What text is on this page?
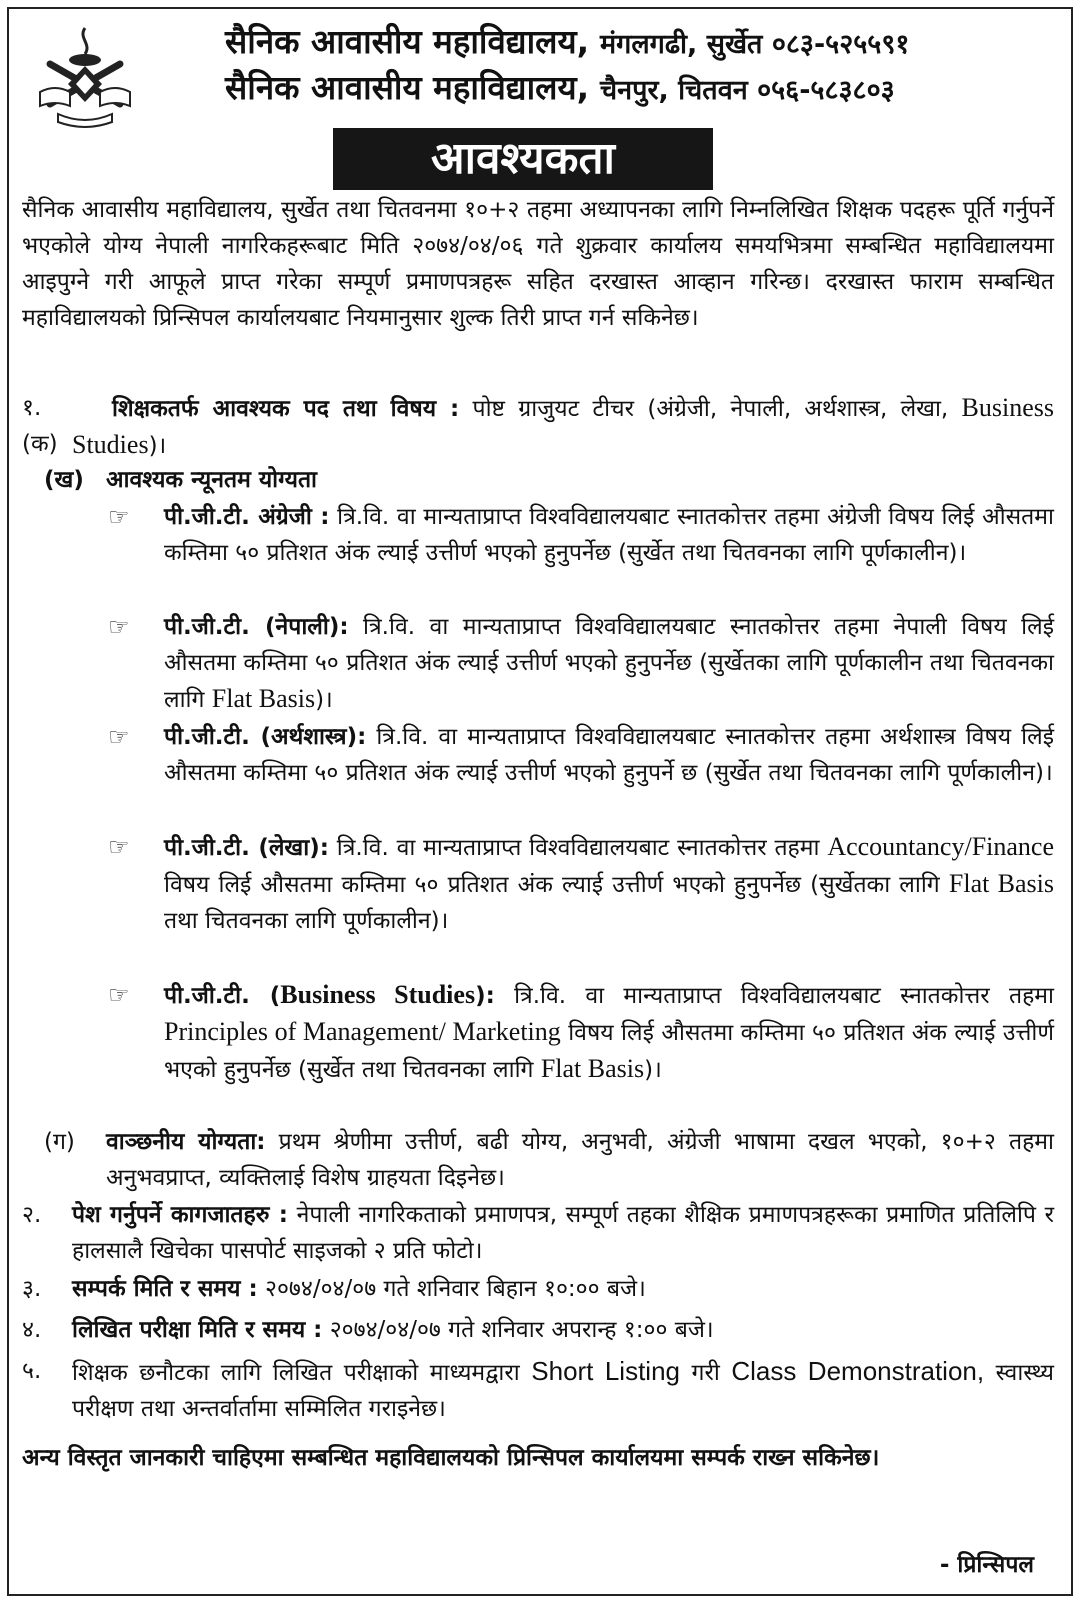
सैनिक आवासीय महाविद्यालय, मंगलगढी, सुर्खेत ०८३-५२५५९१
सैनिक आवासीय महाविद्यालय, चैनपुर, चितवन ०५६-५८३८०३
आवश्यकता
सैनिक आवासीय महाविद्यालय, सुर्खेत तथा चितवनमा १०+२ तहमा अध्यापनका लागि निम्नलिखित शिक्षक पदहरू पूर्ति गर्नुपर्ने भएकोले योग्य नेपाली नागरिकहरूबाट मिति २०७४/०४/०६ गते शुक्रवार कार्यालय समयभित्रमा सम्बन्धित महाविद्यालयमा आइपुग्ने गरी आफूले प्राप्त गरेका सम्पूर्ण प्रमाणपत्रहरू सहित दरखास्त आव्हान गरिन्छ। दरखास्त फाराम सम्बन्धित महाविद्यालयको प्रिन्सिपल कार्यालयबाट नियमानुसार शुल्क तिरी प्राप्त गर्न सकिनेछ।
१. (क)
शिक्षकतर्फ आवश्यक पद तथा विषय : पोष्ट ग्राजुयट टीचर (अंग्रेजी, नेपाली, अर्थशास्त्र, लेखा, Business Studies)।
(ख) आवश्यक न्यूनतम योग्यता
☞	पी.जी.टी. अंग्रेजी : त्रि.वि. वा मान्यताप्राप्त विश्वविद्यालयबाट स्नातकोत्तर तहमा अंग्रेजी विषय लिई औसतमा कम्तिमा ५० प्रतिशत अंक ल्याई उत्तीर्ण भएको हुनुपर्नेछ (सुर्खेत तथा चितवनका लागि पूर्णकालीन)।
☞	पी.जी.टी. (नेपाली): त्रि.वि. वा मान्यताप्राप्त विश्वविद्यालयबाट स्नातकोत्तर तहमा नेपाली विषय लिई औसतमा कम्तिमा ५० प्रतिशत अंक ल्याई उत्तीर्ण भएको हुनुपर्नेछ (सुर्खेतका लागि पूर्णकालीन तथा चितवनका लागि Flat Basis)।
☞	पी.जी.टी. (अर्थशास्त्र): त्रि.वि. वा मान्यताप्राप्त विश्वविद्यालयबाट स्नातकोत्तर तहमा अर्थशास्त्र विषय लिई औसतमा कम्तिमा ५० प्रतिशत अंक ल्याई उत्तीर्ण भएको हुनुपर्ने छ (सुर्खेत तथा चितवनका लागि पूर्णकालीन)।
☞	पी.जी.टी. (लेखा): त्रि.वि. वा मान्यताप्राप्त विश्वविद्यालयबाट स्नातकोत्तर तहमा Accountancy/Finance विषय लिई औसतमा कम्तिमा ५० प्रतिशत अंक ल्याई उत्तीर्ण भएको हुनुपर्नेछ (सुर्खेतका लागि Flat Basis तथा चितवनका लागि पूर्णकालीन)।
☞	पी.जी.टी. (Business Studies): त्रि.वि. वा मान्यताप्राप्त विश्वविद्यालयबाट स्नातकोत्तर तहमा Principles of Management/ Marketing विषय लिई औसतमा कम्तिमा ५० प्रतिशत अंक ल्याई उत्तीर्ण भएको हुनुपर्नेछ (सुर्खेत तथा चितवनका लागि Flat Basis)।
(ग)	वाञ्छनीय योग्यता: प्रथम श्रेणीमा उत्तीर्ण, बढी योग्य, अनुभवी, अंग्रेजी भाषामा दखल भएको, १०+२ तहमा अनुभवप्राप्त, व्यक्तिलाई विशेष ग्राहयता दिइनेछ।
२.	पेश गर्नुपर्ने कागजातहरु : नेपाली नागरिकताको प्रमाणपत्र, सम्पूर्ण तहका शैक्षिक प्रमाणपत्रहरूका प्रमाणित प्रतिलिपि र हालसालै खिचेका पासपोर्ट साइजको २ प्रति फोटो।
३.	सम्पर्क मिति र समय : २०७४/०४/०७ गते शनिवार बिहान १०:०० बजे।
४.	लिखित परीक्षा मिति र समय : २०७४/०४/०७ गते शनिवार अपरान्ह १:०० बजे।
५.	शिक्षक छनौटका लागि लिखित परीक्षाको माध्यमद्वारा Short Listing गरी Class Demonstration, स्वास्थ्य परीक्षण तथा अन्तर्वार्तामा सम्मिलित गराइनेछ।
अन्य विस्तृत जानकारी चाहिएमा सम्बन्धित महाविद्यालयको प्रिन्सिपल कार्यालयमा सम्पर्क राख्न सकिनेछ।
- प्रिन्सिपल
